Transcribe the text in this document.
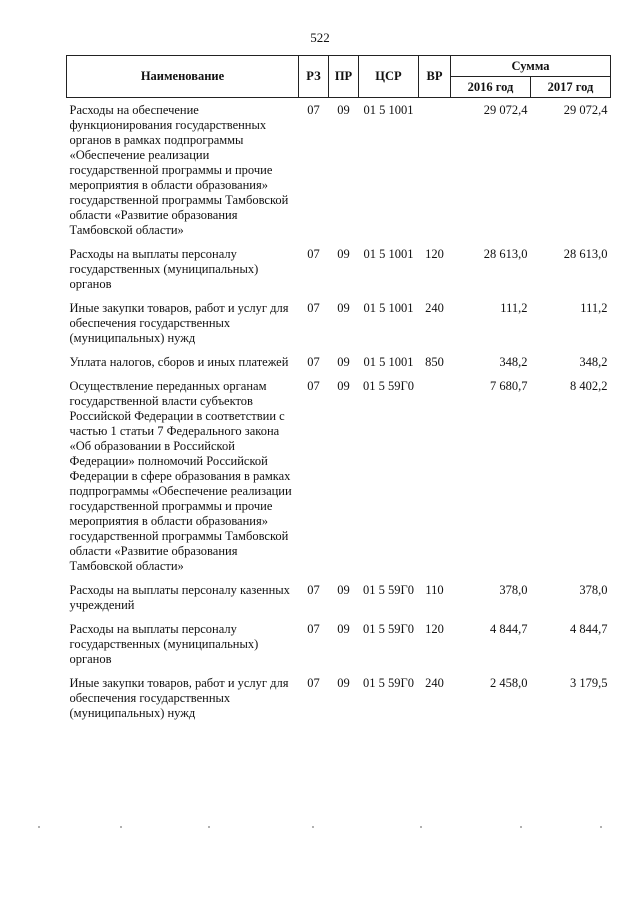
522
Наименование	РЗ	ПР	ЦСР	ВР	Сумма	
					2016 год	2017 год
Расходы на обеспечение функционирования государственных органов в рамках подпрограммы «Обеспечение реализации государственной программы и прочие мероприятия в области образования» государственной программы Тамбовской области «Развитие образования Тамбовской области»	07	09	01 5 1001		29 072,4	29 072,4
Расходы на выплаты персоналу государственных (муниципальных) органов	07	09	01 5 1001	120	28 613,0	28 613,0
Иные закупки товаров, работ и услуг для обеспечения государственных (муниципальных) нужд	07	09	01 5 1001	240	111,2	111,2
Уплата налогов, сборов и иных платежей	07	09	01 5 1001	850	348,2	348,2
Осуществление переданных органам государственной власти субъектов Российской Федерации в соответствии с частью 1 статьи 7 Федерального закона «Об образовании в Российской Федерации» полномочий Российской Федерации в сфере образования в рамках подпрограммы «Обеспечение реализации государственной программы и прочие мероприятия в области образования» государственной программы Тамбовской области «Развитие образования Тамбовской области»	07	09	01 5 59Г0		7 680,7	8 402,2
Расходы на выплаты персоналу казенных учреждений	07	09	01 5 59Г0	110	378,0	378,0
Расходы на выплаты персоналу государственных (муниципальных) органов	07	09	01 5 59Г0	120	4 844,7	4 844,7
Иные закупки товаров, работ и услуг для обеспечения государственных (муниципальных) нужд	07	09	01 5 59Г0	240	2 458,0	3 179,5
